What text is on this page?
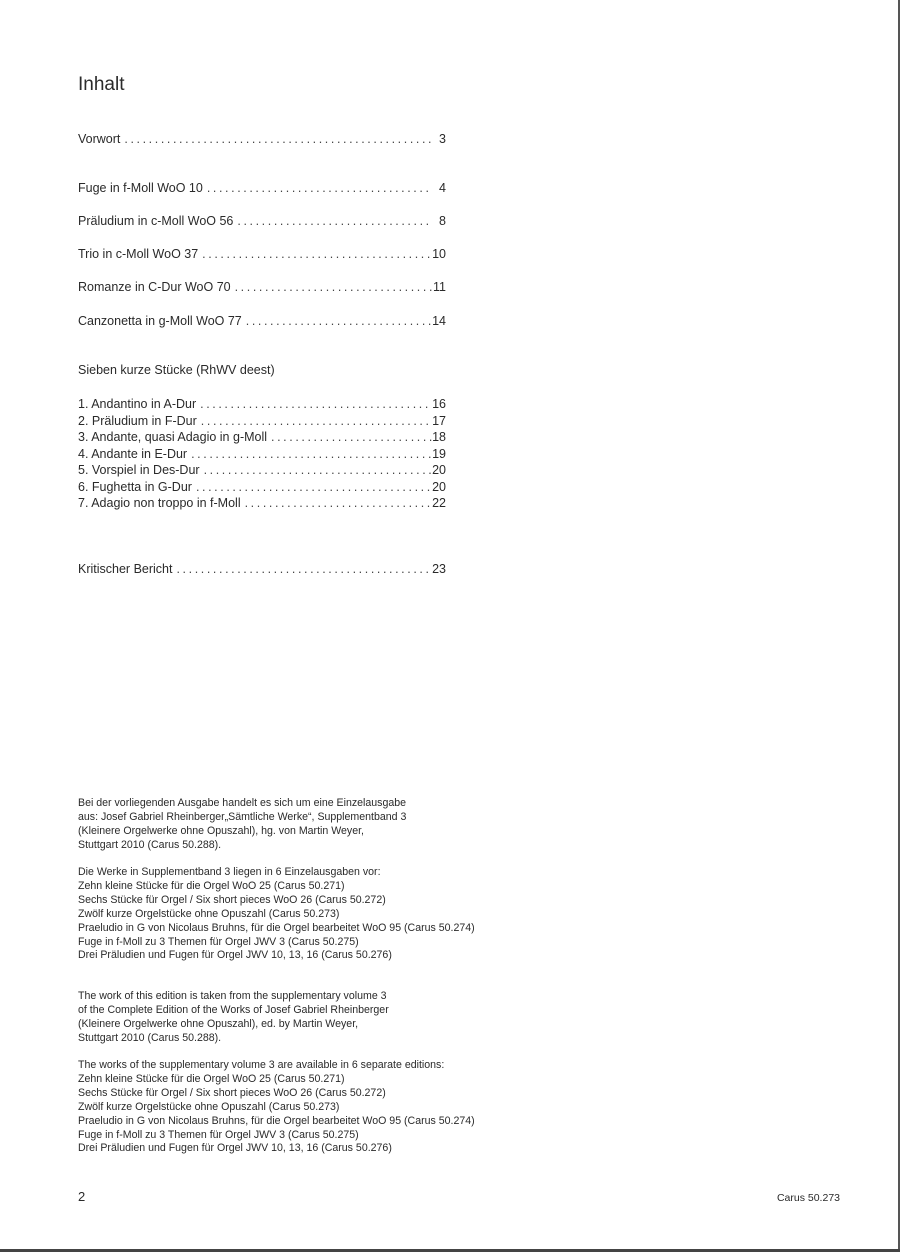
Inhalt
Vorwort .....	3
Fuge in f-Moll WoO 10 .....	4
Präludium in c-Moll WoO 56 .....	8
Trio in c-Moll WoO 37 .....	10
Romanze in C-Dur WoO 70 .....	11
Canzonetta in g-Moll WoO 77 .....	14
Sieben kurze Stücke (RhWV deest)
1. Andantino in A-Dur .....	16
2. Präludium in F-Dur .....	17
3. Andante, quasi Adagio in g-Moll .....	18
4. Andante in E-Dur .....	19
5. Vorspiel in Des-Dur .....	20
6. Fughetta in G-Dur .....	20
7. Adagio non troppo in f-Moll .....	22
Kritischer Bericht .....	23

Bei der vorliegenden Ausgabe handelt es sich um eine Einzelausgabe

aus: Josef Gabriel Rheinberger„Sämtliche Werke“, Supplementband 3

(Kleinere Orgelwerke ohne Opuszahl), hg. von Martin Weyer,

Stuttgart 2010 (Carus 50.288).

Die Werke in Supplementband 3 liegen in 6 Einzelausgaben vor:

Zehn kleine Stücke für die Orgel WoO 25 (Carus 50.271)

Sechs Stücke für Orgel / Six short pieces WoO 26 (Carus 50.272)

Zwölf kurze Orgelstücke ohne Opuszahl (Carus 50.273)

Praeludio in G von Nicolaus Bruhns, für die Orgel bearbeitet WoO 95 (Carus 50.274)

Fuge in f-Moll zu 3 Themen für Orgel JWV 3 (Carus 50.275)

Drei Präludien und Fugen für Orgel JWV 10, 13, 16 (Carus 50.276)

The work of this edition is taken from the supplementary volume 3

of the Complete Edition of the Works of Josef Gabriel Rheinberger

(Kleinere Orgelwerke ohne Opuszahl), ed. by Martin Weyer,

Stuttgart 2010 (Carus 50.288).

The works of the supplementary volume 3 are available in 6 separate editions:

Zehn kleine Stücke für die Orgel WoO 25 (Carus 50.271)

Sechs Stücke für Orgel / Six short pieces WoO 26 (Carus 50.272)

Zwölf kurze Orgelstücke ohne Opuszahl (Carus 50.273)

Praeludio in G von Nicolaus Bruhns, für die Orgel bearbeitet WoO 95 (Carus 50.274)

Fuge in f-Moll zu 3 Themen für Orgel JWV 3 (Carus 50.275)

Drei Präludien und Fugen für Orgel JWV 10, 13, 16 (Carus 50.276)

2	Carus 50.273
